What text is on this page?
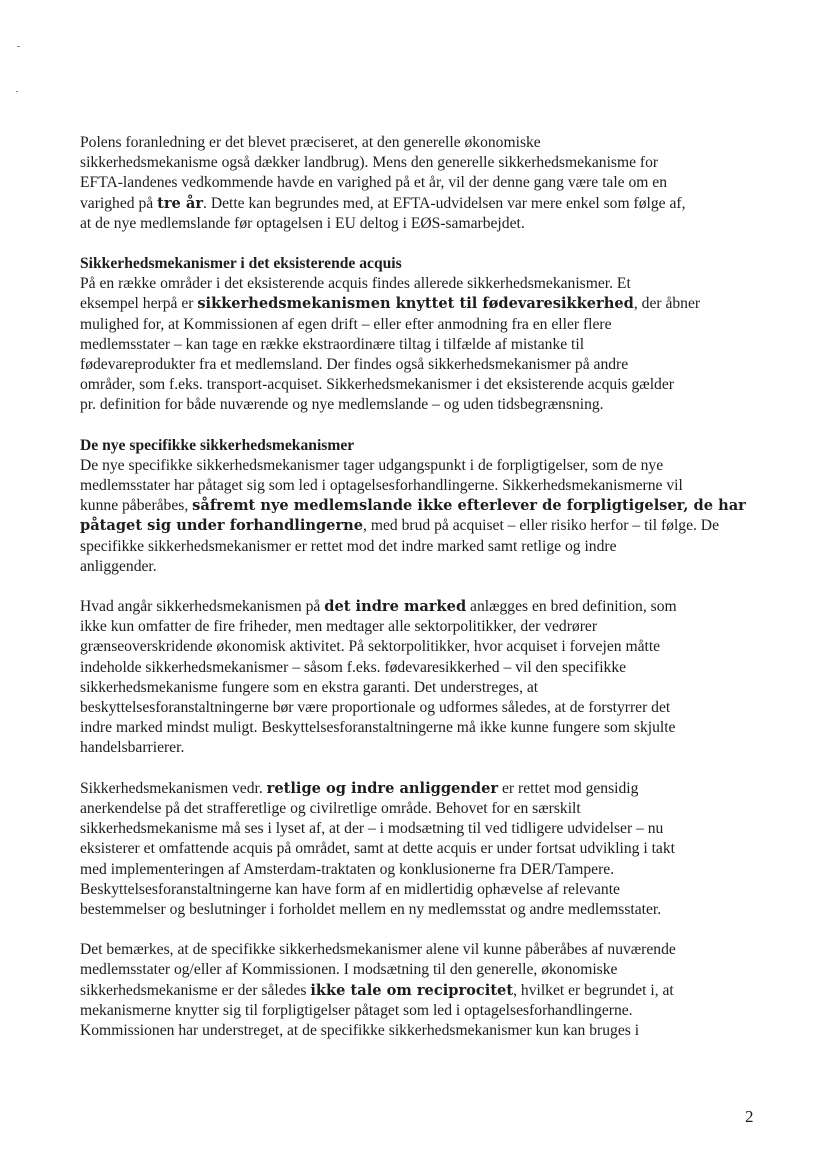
Polens foranledning er det blevet præciseret, at den generelle økonomiske
sikkerhedsmekanisme også dækker landbrug). Mens den generelle sikkerhedsmekanisme for
EFTA-landenes vedkommende havde en varighed på et år, vil der denne gang være tale om en
varighed på tre år. Dette kan begrundes med, at EFTA-udvidelsen var mere enkel som følge af,
at de nye medlemslande før optagelsen i EU deltog i EØS-samarbejdet.
Sikkerhedsmekanismer i det eksisterende acquis
På en række områder i det eksisterende acquis findes allerede sikkerhedsmekanismer. Et
eksempel herpå er sikkerhedsmekanismen knyttet til fødevaresikkerhed, der åbner
mulighed for, at Kommissionen af egen drift – eller efter anmodning fra en eller flere
medlemsstater – kan tage en række ekstraordinære tiltag i tilfælde af mistanke til
fødevareprodukter fra et medlemsland. Der findes også sikkerhedsmekanismer på andre
områder, som f.eks. transport-acquiset. Sikkerhedsmekanismer i det eksisterende acquis gælder
pr. definition for både nuværende og nye medlemslande – og uden tidsbegrænsning.
De nye specifikke sikkerhedsmekanismer
De nye specifikke sikkerhedsmekanismer tager udgangspunkt i de forpligtigelser, som de nye
medlemsstater har påtaget sig som led i optagelsesforhandlingerne. Sikkerhedsmekanismerne vil
kunne påberåbes, såfremt nye medlemslande ikke efterlever de forpligtigelser, de har
påtaget sig under forhandlingerne, med brud på acquiset – eller risiko herfor – til følge. De
specifikke sikkerhedsmekanismer er rettet mod det indre marked samt retlige og indre
anliggender.
Hvad angår sikkerhedsmekanismen på det indre marked anlægges en bred definition, som
ikke kun omfatter de fire friheder, men medtager alle sektorpolitikker, der vedrører
grænseoverskridende økonomisk aktivitet. På sektorpolitikker, hvor acquiset i forvejen måtte
indeholde sikkerhedsmekanismer – såsom f.eks. fødevaresikkerhed – vil den specifikke
sikkerhedsmekanisme fungere som en ekstra garanti. Det understreges, at
beskyttelsesforanstaltningerne bør være proportionale og udformes således, at de forstyrrer det
indre marked mindst muligt. Beskyttelsesforanstaltningerne må ikke kunne fungere som skjulte
handelsbarrierer.
Sikkerhedsmekanismen vedr. retlige og indre anliggender er rettet mod gensidig
anerkendelse på det strafferetlige og civilretlige område. Behovet for en særskilt
sikkerhedsmekanisme må ses i lyset af, at der – i modsætning til ved tidligere udvidelser – nu
eksisterer et omfattende acquis på området, samt at dette acquis er under fortsat udvikling i takt
med implementeringen af Amsterdam-traktaten og konklusionerne fra DER/Tampere.
Beskyttelsesforanstaltningerne kan have form af en midlertidig ophævelse af relevante
bestemmelser og beslutninger i forholdet mellem en ny medlemsstat og andre medlemsstater.
Det bemærkes, at de specifikke sikkerhedsmekanismer alene vil kunne påberåbes af nuværende
medlemsstater og/eller af Kommissionen. I modsætning til den generelle, økonomiske
sikkerhedsmekanisme er der således ikke tale om reciprocitet, hvilket er begrundet i, at
mekanismerne knytter sig til forpligtigelser påtaget som led i optagelsesforhandlingerne.
Kommissionen har understreget, at de specifikke sikkerhedsmekanismer kun kan bruges i
2
